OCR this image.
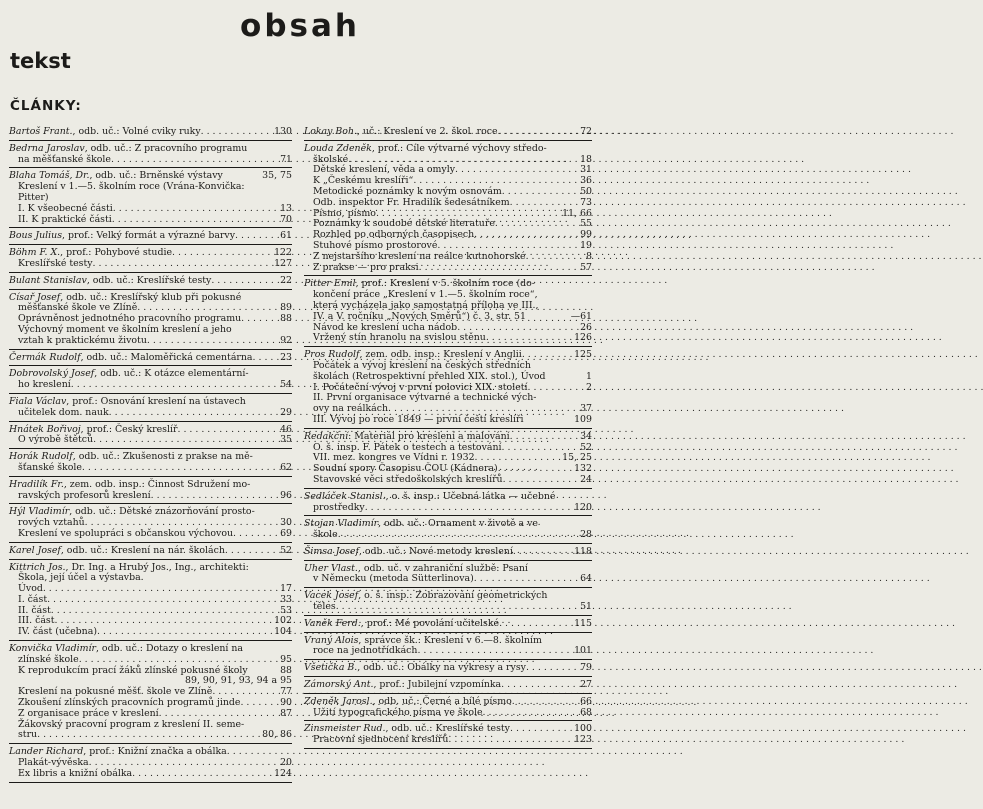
obsah
tekst
ČLÁNKY:
Bartoš Frant., odb. uč.: Volné cviky ruky . . .	130
Bedrna Jaroslav, odb. uč.: Z pracovního programu
na měšťanské škole . . .	71
Blaha Tomáš, Dr., odb. uč.: Brněnské výstavy	35, 75
Kreslení v 1.—5. školním roce (Vrána-Konvička:
Pitter)
I. K všeobecné části . . .	13
II. K praktické části . . .	70
Bous Julius, prof.: Velký formát a výrazné barvy . . .	61
Böhm F. X., prof.: Pohybové studie . . .	122
Kreslířské testy . . .	127
Bulant Stanislav, odb. uč.: Kreslířské testy . . .	22
Císař Josef, odb. uč.: Kreslířský klub při pokusné
měšťanské škole ve Zlíně . . .	89
Oprávněnost jednotného pracovního programu . . .	88
Výchovný moment ve školním kreslení a jeho
vztah k praktickému životu . . .	92
Čermák Rudolf, odb. uč.: Maloměřická cementárna . . .	23
Dobrovolský Josef, odb. uč.: K otázce elementární-
ho kreslení . . .	54
Fiala Václav, prof.: Osnování kreslení na ústavech
učitelek dom. nauk . . .	29
Hnátek Bořivoj, prof.: Český kreslíř . . .	46
O výrobě štětců . . .	35
Horák Rudolf, odb. uč.: Zkušenosti z prakse na mě-
šťanské škole . . .	62
Hradilík Fr., zem. odb. insp.: Činnost Sdružení mo-
ravských profesorů kreslení . . .	96
Hýl Vladimír, odb. uč.: Dětské znázorňování prosto-
rových vztahů . . .	30
Kreslení ve spolupráci s občanskou výchovou . . .	69
Karel Josef, odb. uč.: Kreslení na nár. školách . . .	52
Kittrich Jos., Dr. Ing. a Hrubý Jos., Ing., architekti:
Škola, její účel a výstavba.
Úvod . . .	17
I. část . . .	33
II. část . . .	53
III. část . . .	102
IV. část (učebna) . . .	104
Konvička Vladimír, odb. uč.: Dotazy o kreslení na
zlínské škole . . .	95
K reprodukcím prací žáků zlínské pokusné školy	88
89, 90, 91, 93, 94 a 95
Kreslení na pokusné měšť. škole ve Zlíně . . .	77
Zkoušení zlínských pracovních programů jinde . . .	90
Z organisace práce v kreslení . . .	87
Žákovský pracovní program z kreslení II. seme-
stru . . .	80, 86
Lander Richard, prof.: Knižní značka a obálka
. . .
Plakát-vývěska . . .	20
Ex libris a knižní obálka . . .	124
Lokay Boh., uč.: Kreslení ve 2. škol. roce . . .	72
Louda Zdeněk, prof.: Cíle výtvarné výchovy středo-
školské . . .	18
Dětské kreslení, věda a omyly . . .	31
K „Českému kreslíři“ . . .	36
Metodické poznámky k novým osnovám . . .	50
Odb. inspektor Fr. Hradilík šedesátníkem . . .	73
Písmo, písmo . . .	11, 66
Poznámky k soudobé dětské literatuře . . .	55
Rozhled po odborných časopisech . . .	99
Stuhové písmo prostorové . . .	19
Z nejstaršího kreslení na reálce kutnohorské . . .	8
Z prakse — pro praksi . . .	57
Pitter Emil, prof.: Kreslení v 5. školním roce (do-
končení práce „Kreslení v 1.—5. školním roce“,
která vycházela jako samostatná příloha ve III.,
IV. a V. ročníku „Nových Směrů“) č. 3, str. 51	—61
Návod ke kreslení ucha nádob . . .	26
Vržený stín hranolu na svislou stěnu . . .	126
Pros Rudolf, zem. odb. insp.: Kreslení v Anglii . . .	125
Počátek a vývoj kreslení na českých středních
školách (Retrospektivní přehled XIX. stol.), Úvod	1
I. Počáteční vývoj v první polovici XIX. století . . .	2
II. První organisace výtvarné a technické vých-
ovy na reálkách . . .	37
III. Vývoj po roce 1849 — první čeští kreslíři	109
Redakční: Materiál pro kreslení a malování . . .	34
O. š. insp. F. Pátek o testech a testování . . .	52
VII. mez. kongres ve Vídni r. 1932 . . .	15, 25
Soudní spory Časopisu ČOU (Kádnera) . . .	132
Stavovské věci středoškolských kreslířů . . .	24
Sedláček Stanisl., o. š. insp.: Učebná látka — učebné
prostředky . . .	120
Stojan Vladimír, odb. uč.: Ornament v životě a ve
škole . . .	28
Šimsa Josef, odb. uč.: Nové metody kreslení . . .	118
Uher Vlast., odb. uč. v zahraniční službě: Psaní
v Německu (metoda Sütterlinova) . . .	64
Vacek Josef, o. š. insp.: Zobrazování geometrických
těles . . .	51
Vaněk Ferd., prof.: Mé povolání učitelské . . .	115
Vraný Alois, správce šk.: Kreslení v 6.—8. školním
roce na jednotřídkách . . .	101
Všetička B., odb. uč.: Obálky na výkresy a rysy . . .	79
Zámorský Ant., prof.: Jubilejní vzpomínka . . .	27
Zdeněk Jarosl., odb. uč.: Černé a bílé písmo . . .	66
Užití typografického písma ve škole . . .	68
Zinsmeister Rud., odb. uč.: Kreslířské testy . . .	100
Pracovní sjednocení kreslířů . . .	123
